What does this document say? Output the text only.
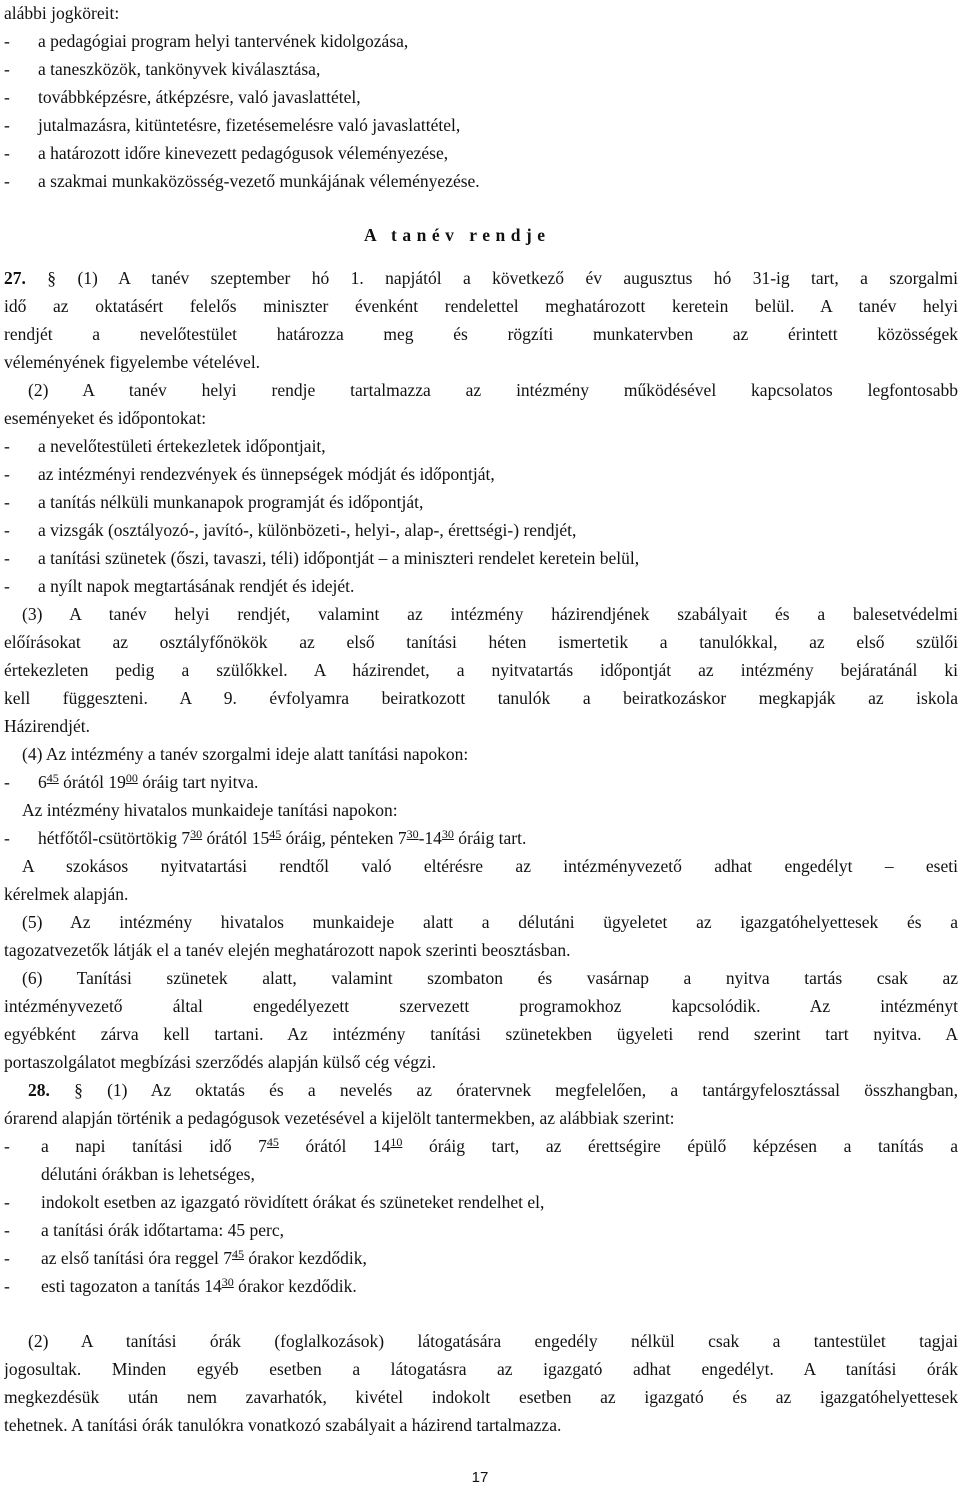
alábbi jogköreit:
- a pedagógiai program helyi tantervének kidolgozása,
- a taneszközök, tankönyvek kiválasztása,
- továbbképzésre, átképzésre, való javaslattétel,
- jutalmazásra, kitüntetésre, fizetésemelésre való javaslattétel,
- a határozott időre kinevezett pedagógusok véleményezése,
- a szakmai munkaközösség-vezető munkájának véleményezése.
A tanév rendje
27. § (1) A tanév szeptember hó 1. napjától a következő év augusztus hó 31-ig tart, a szorgalmi
idő az oktatásért felelős miniszter évenként rendelettel meghatározott keretein belül. A tanév helyi
rendjét a nevelőtestület határozza meg és rögzíti munkatervben az érintett közösségek
véleményének figyelembe vételével.
(2) A tanév helyi rendje tartalmazza az intézmény működésével kapcsolatos legfontosabb
eseményeket és időpontokat:
- a nevelőtestületi értekezletek időpontjait,
- az intézményi rendezvények és ünnepségek módját és időpontját,
- a tanítás nélküli munkanapok programját és időpontját,
- a vizsgák (osztályozó-, javító-, különbözeti-, helyi-, alap-, érettségi-) rendjét,
- a tanítási szünetek (őszi, tavaszi, téli) időpontját – a miniszteri rendelet keretein belül,
- a nyílt napok megtartásának rendjét és idejét.
(3) A tanév helyi rendjét, valamint az intézmény házirendjének szabályait és a balesetvédelmi
előírásokat az osztályfőnökök az első tanítási héten ismertetik a tanulókkal, az első szülői
értekezleten pedig a szülőkkel. A házirendet, a nyitvatartás időpontját az intézmény bejáratánál ki
kell függeszteni. A 9. évfolyamra beiratkozott tanulók a beiratkozáskor megkapják az iskola
Házirendjét.
(4) Az intézmény a tanév szorgalmi ideje alatt tanítási napokon:
- $6^{45}$ órától $19^{00}$ óráig tart nyitva.
Az intézmény hivatalos munkaideje tanítási napokon:
- hétfőtől-csütörtökig $7^{30}$ órától $15^{45}$ óráig, pénteken $7^{30}-14^{30}$ óráig tart.
A szokásos nyitvatartási rendtől való eltérésre az intézményvezető adhat engedélyt – eseti
kérelmek alapján.
(5) Az intézmény hivatalos munkaideje alatt a délutáni ügyeletet az igazgatóhelyettesek és a
tagozatvezetők látják el a tanév elején meghatározott napok szerinti beosztásban.
(6) Tanítási szünetek alatt, valamint szombaton és vasárnap a nyitva tartás csak az
intézményvezető által engedélyezett szervezett programokhoz kapcsolódik. Az intézményt
egyébként zárva kell tartani. Az intézmény tanítási szünetekben ügyeleti rend szerint tart nyitva. A
portaszolgálatot megbízási szerződés alapján külső cég végzi.
28. § (1) Az oktatás és a nevelés az óratervnek megfelelően, a tantárgyfelosztással összhangban,
órarend alapján történik a pedagógusok vezetésével a kijelölt tantermekben, az alábbiak szerint:
- a napi tanítási idő $7^{45}$ órától $14^{10}$ óráig tart, az érettségire épülő képzésen a tanítás a
délutáni órákban is lehetséges,
- indokolt esetben az igazgató rövidített órákat és szüneteket rendelhet el,
- a tanítási órák időtartama: 45 perc,
- az első tanítási óra reggel $7^{45}$ órakor kezdődik,
- esti tagozaton a tanítás $14^{30}$ órakor kezdődik.
(2) A tanítási órák (foglalkozások) látogatására engedély nélkül csak a tantestület tagjai
jogosultak. Minden egyéb esetben a látogatásra az igazgató adhat engedélyt. A tanítási órák
megkezdésük után nem zavarhatók, kivétel indokolt esetben az igazgató és az igazgatóhelyettesek
tehetnek. A tanítási órák tanulókra vonatkozó szabályait a házirend tartalmazza.
17
